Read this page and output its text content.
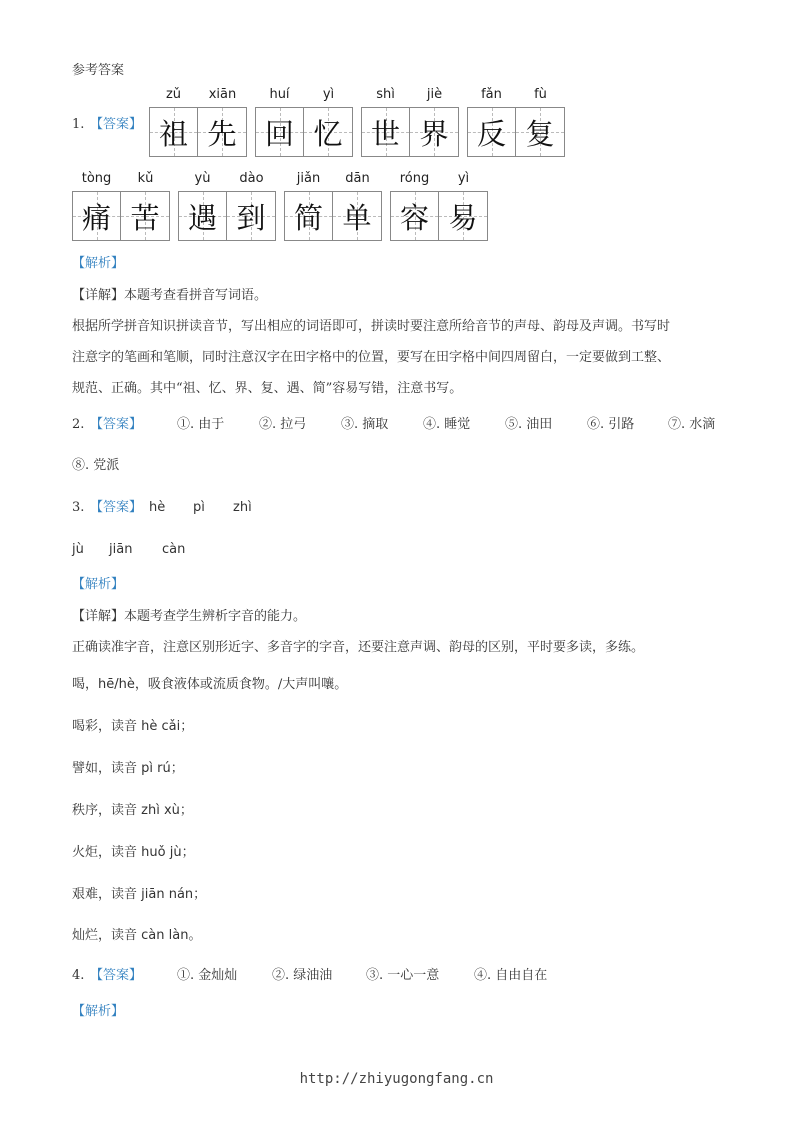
参考答案
1. 【答案】
zǔ	xiān
祖 先
huí	yì
回 忆
shì	jiè
世 界
fǎn	fù
反 复
tòng	kǔ
痛 苦
yù	dào
遇 到
jiǎn	dān
简 单
róng	yì
容 易
【解析】
【详解】本题考查看拼音写词语。
根据所学拼音知识拼读音节，写出相应的词语即可，拼读时要注意所给音节的声母、韵母及声调。书写时
注意字的笔画和笔顺，同时注意汉字在田字格中的位置，要写在田字格中间四周留白，一定要做到工整、
规范、正确。其中“祖、忆、界、复、遇、简”容易写错，注意书写。
2. 【答案】	①. 由于	②. 拉弓	③. 摘取	④. 睡觉	⑤. 油田	⑥. 引路	⑦. 水滴
⑧. 党派
3. 【答案】 hè pì zhì
jù jiān càn
【解析】
【详解】本题考查学生辨析字音的能力。
正确读准字音，注意区别形近字、多音字的字音，还要注意声调、韵母的区别，平时要多读，多练。
喝，hē/hè，吸食液体或流质食物。/大声叫嚷。
喝彩，读音 hè cǎi；
譬如，读音 pì rú；
秩序，读音 zhì xù；
火炬，读音 huǒ jù；
艰难，读音 jiān nán；
灿烂，读音 càn làn。
4. 【答案】	①. 金灿灿	②. 绿油油	③. 一心一意	④. 自由自在
【解析】
http://zhiyugongfang.cn
